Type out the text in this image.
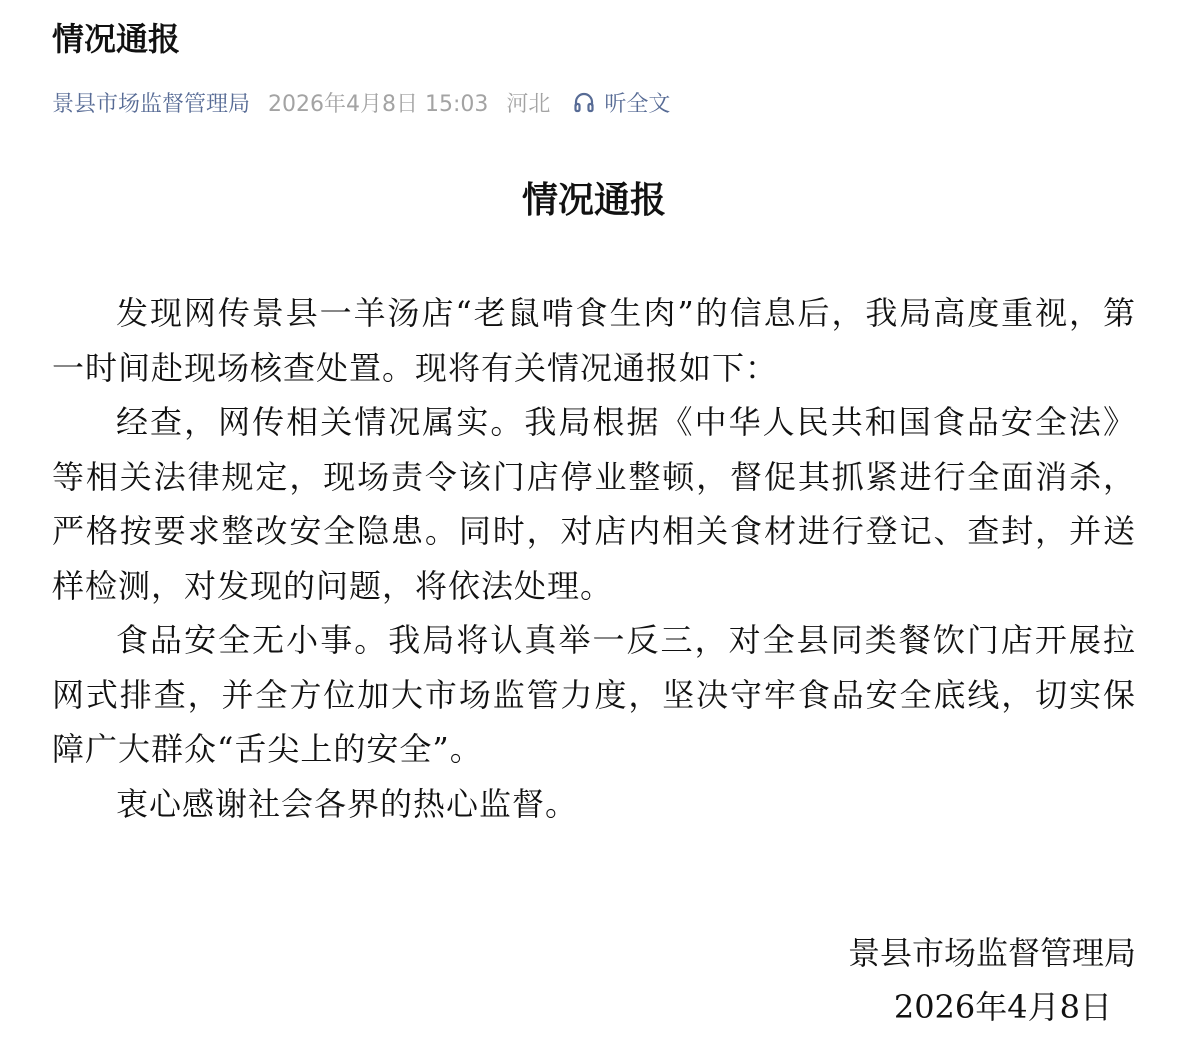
情况通报
景县市场监督管理局 2026年4月8日 15:03 河北 听全文
情况通报

发现网传景县一羊汤店“老鼠啃食生肉”的信息后，我局高度重视，第一时间赴现场核查处置。现将有关情况通报如下：

经查，网传相关情况属实。我局根据《中华人民共和国食品安全法》等相关法律规定，现场责令该门店停业整顿，督促其抓紧进行全面消杀，严格按要求整改安全隐患。同时，对店内相关食材进行登记、查封，并送样检测，对发现的问题，将依法处理。

食品安全无小事。我局将认真举一反三，对全县同类餐饮门店开展拉网式排查，并全方位加大市场监管力度，坚决守牢食品安全底线，切实保障广大群众“舌尖上的安全”。

衷心感谢社会各界的热心监督。

景县市场监督管理局
2026年4月8日
